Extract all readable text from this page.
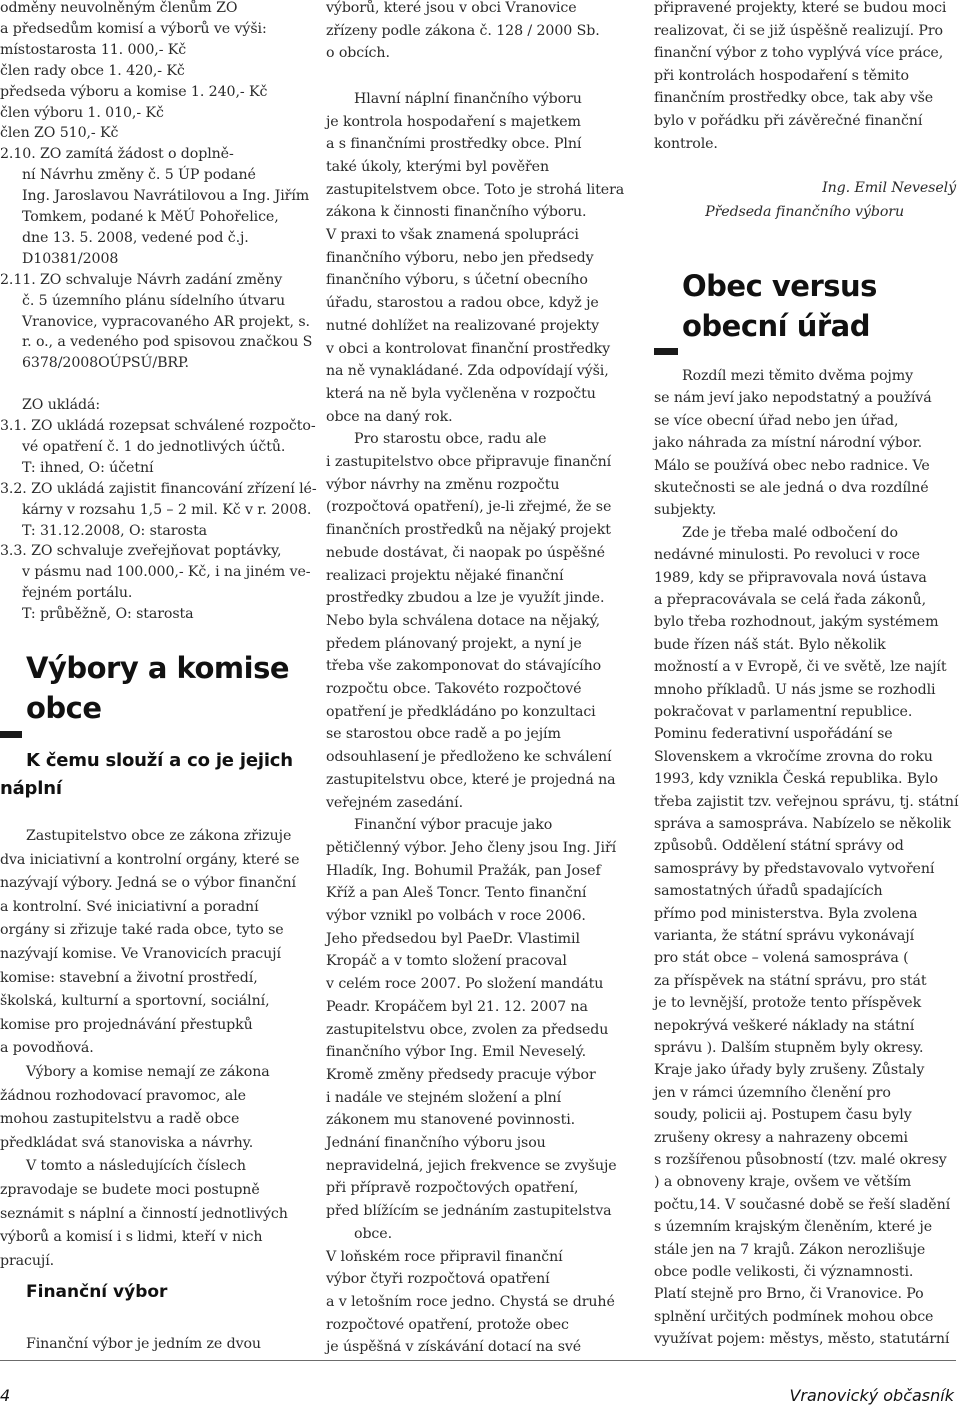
odměny neuvolněným členům ZO
a předsedům komisí a výborů ve výši:
místostarosta 11. 000,- Kč
člen rady obce 1. 420,- Kč
předseda výboru a komise 1. 240,- Kč
člen výboru 1. 010,- Kč
člen ZO 510,- Kč
2.10. ZO zamítá žádost o doplně-
ní Návrhu změny č. 5 ÚP podané
Ing. Jaroslavou Navrátilovou a Ing. Jiřím
Tomkem, podané k MěÚ Pohořelice,
dne 13. 5. 2008, vedené pod č.j.
D10381/2008
2.11. ZO schvaluje Návrh zadání změny
č. 5 územního plánu sídelního útvaru
Vranovice, vypracovaného AR projekt, s.
r. o., a vedeného pod spisovou značkou S
6378/2008OÚPSÚ/BRP.
ZO ukládá:
3.1. ZO ukládá rozepsat schválené rozpočto-
vé opatření č. 1 do jednotlivých účtů.
T: ihned, O: účetní
3.2. ZO ukládá zajistit financování zřízení lé-
kárny v rozsahu 1,5 – 2 mil. Kč v r. 2008.
T: 31.12.2008, O: starosta
3.3. ZO schvaluje zveřejňovat poptávky,
v pásmu nad 100.000,- Kč, i na jiném ve-
řejném portálu.
T: průběžně, O: starosta
Výbory a komise
obce
K čemu slouží a co je jejich
náplní
Zastupitelstvo obce ze zákona zřizuje
dva iniciativní a kontrolní orgány, které se
nazývají výbory. Jedná se o výbor finanční
a kontrolní. Své iniciativní a poradní
orgány si zřizuje také rada obce, tyto se
nazývají komise. Ve Vranovicích pracují
komise: stavební a životní prostředí,
školská, kulturní a sportovní, sociální,
komise pro projednávání přestupků
a povodňová.
Výbory a komise nemají ze zákona
žádnou rozhodovací pravomoc, ale
mohou zastupitelstvu a radě obce
předkládat svá stanoviska a návrhy.
V tomto a následujících číslech
zpravodaje se budete moci postupně
seznámit s náplní a činností jednotlivých
výborů a komisí i s lidmi, kteří v nich
pracují.
Finanční výbor
Finanční výbor je jedním ze dvou
výborů, které jsou v obci Vranovice
zřízeny podle zákona č. 128 / 2000 Sb.
o obcích.
Hlavní náplní finančního výboru
je kontrola hospodaření s majetkem
a s finančními prostředky obce. Plní
také úkoly, kterými byl pověřen
zastupitelstvem obce. Toto je strohá litera
zákona k činnosti finančního výboru.
V praxi to však znamená spolupráci
finančního výboru, nebo jen předsedy
finančního výboru, s účetní obecního
úřadu, starostou a radou obce, když je
nutné dohlížet na realizované projekty
v obci a kontrolovat finanční prostředky
na ně vynakládané. Zda odpovídají výši,
která na ně byla vyčleněna v rozpočtu
obce na daný rok.
Pro starostu obce, radu ale
i zastupitelstvo obce připravuje finanční
výbor návrhy na změnu rozpočtu
(rozpočtová opatření), je-li zřejmé, že se
finančních prostředků na nějaký projekt
nebude dostávat, či naopak po úspěšné
realizaci projektu nějaké finanční
prostředky zbudou a lze je využít jinde.
Nebo byla schválena dotace na nějaký,
předem plánovaný projekt, a nyní je
třeba vše zakomponovat do stávajícího
rozpočtu obce. Takovéto rozpočtové
opatření je předkládáno po konzultaci
se starostou obce radě a po jejím
odsouhlasení je předloženo ke schválení
zastupitelstvu obce, které je projedná na
veřejném zasedání.
Finanční výbor pracuje jako
pětičlenný výbor. Jeho členy jsou Ing. Jiří
Hladík, Ing. Bohumil Pražák, pan Josef
Kříž a pan Aleš Toncr. Tento finanční
výbor vznikl po volbách v roce 2006.
Jeho předsedou byl PaeDr. Vlastimil
Kropáč a v tomto složení pracoval
v celém roce 2007. Po složení mandátu
Peadr. Kropáčem byl 21. 12. 2007 na
zastupitelstvu obce, zvolen za předsedu
finančního výbor Ing. Emil Neveselý.
Kromě změny předsedy pracuje výbor
i nadále ve stejném složení a plní
zákonem mu stanovené povinnosti.
Jednání finančního výboru jsou
nepravidelná, jejich frekvence se zvyšuje
při přípravě rozpočtových opatření,
před blížícím se jednáním zastupitelstva
obce.
V loňském roce připravil finanční
výbor čtyři rozpočtová opatření
a v letošním roce jedno. Chystá se druhé
rozpočtové opatření, protože obec
je úspěšná v získávání dotací na své
připravené projekty, které se budou moci
realizovat, či se již úspěšně realizují. Pro
finanční výbor z toho vyplývá více práce,
při kontrolách hospodaření s těmito
finančním prostředky obce, tak aby vše
bylo v pořádku při závěrečné finanční
kontrole.
Ing. Emil Neveselý
Předseda finančního výboru
Obec versus
obecní úřad
Rozdíl mezi těmito dvěma pojmy
se nám jeví jako nepodstatný a používá
se více obecní úřad nebo jen úřad,
jako náhrada za místní národní výbor.
Málo se používá obec nebo radnice. Ve
skutečnosti se ale jedná o dva rozdílné
subjekty.
Zde je třeba malé odbočení do
nedávné minulosti. Po revoluci v roce
1989, kdy se připravovala nová ústava
a přepracovávala se celá řada zákonů,
bylo třeba rozhodnout, jakým systémem
bude řízen náš stát. Bylo několik
možností a v Evropě, či ve světě, lze najít
mnoho příkladů. U nás jsme se rozhodli
pokračovat v parlamentní republice.
Pominu federativní uspořádání se
Slovenskem a vkročíme zrovna do roku
1993, kdy vznikla Česká republika. Bylo
třeba zajistit tzv. veřejnou správu, tj. státní
správa a samospráva. Nabízelo se několik
způsobů. Oddělení státní správy od
samosprávy by představovalo vytvoření
samostatných úřadů spadajících
přímo pod ministerstva. Byla zvolena
varianta, že státní správu vykonávají
pro stát obce – volená samospráva (
za příspěvek na státní správu, pro stát
je to levnější, protože tento příspěvek
nepokrývá veškeré náklady na státní
správu ). Dalším stupněm byly okresy.
Kraje jako úřady byly zrušeny. Zůstaly
jen v rámci územního členění pro
soudy, policii aj. Postupem času byly
zrušeny okresy a nahrazeny obcemi
s rozšířenou působností (tzv. malé okresy
) a obnoveny kraje, ovšem ve větším
počtu,14. V současné době se řeší sladění
s územním krajským členěním, které je
stále jen na 7 krajů. Zákon nerozlišuje
obce podle velikosti, či významnosti.
Platí stejně pro Brno, či Vranovice. Po
splnění určitých podmínek mohou obce
využívat pojem: městys, město, statutární
4	Vranovický občasník
